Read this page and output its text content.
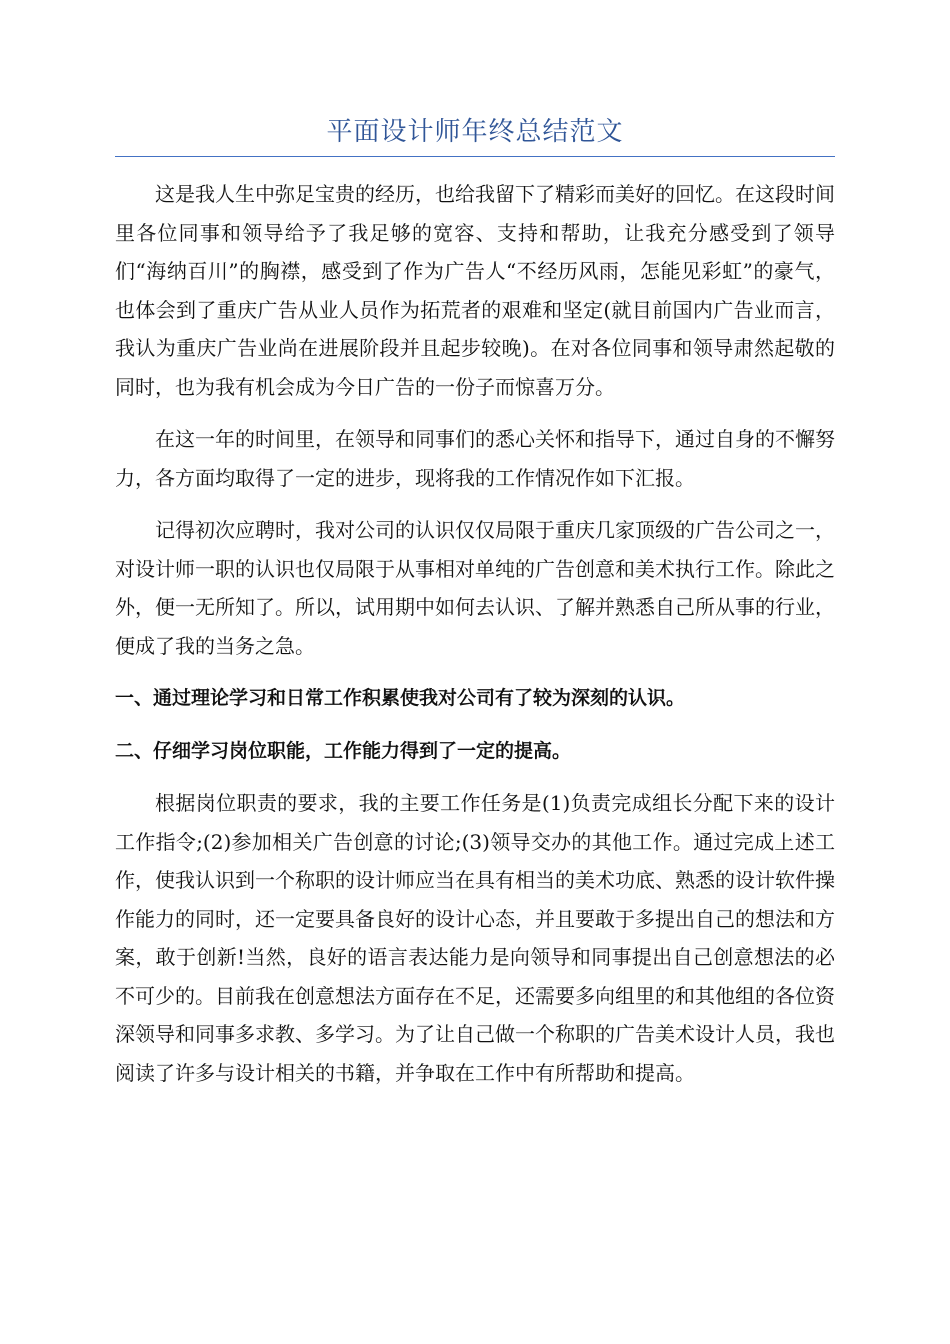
平面设计师年终总结范文

这是我人生中弥足宝贵的经历，也给我留下了精彩而美好的回忆。在这段时间里各位同事和领导给予了我足够的宽容、支持和帮助，让我充分感受到了领导们“海纳百川”的胸襟，感受到了作为广告人“不经历风雨，怎能见彩虹”的豪气，也体会到了重庆广告从业人员作为拓荒者的艰难和坚定(就目前国内广告业而言，我认为重庆广告业尚在进展阶段并且起步较晚)。在对各位同事和领导肃然起敬的同时，也为我有机会成为今日广告的一份子而惊喜万分。

在这一年的时间里，在领导和同事们的悉心关怀和指导下，通过自身的不懈努力，各方面均取得了一定的进步，现将我的工作情况作如下汇报。

记得初次应聘时，我对公司的认识仅仅局限于重庆几家顶级的广告公司之一，对设计师一职的认识也仅局限于从事相对单纯的广告创意和美术执行工作。除此之外，便一无所知了。所以，试用期中如何去认识、了解并熟悉自己所从事的行业，便成了我的当务之急。

一、通过理论学习和日常工作积累使我对公司有了较为深刻的认识。

二、仔细学习岗位职能，工作能力得到了一定的提高。

根据岗位职责的要求，我的主要工作任务是(1)负责完成组长分配下来的设计工作指令;(2)参加相关广告创意的讨论;(3)领导交办的其他工作。通过完成上述工作，使我认识到一个称职的设计师应当在具有相当的美术功底、熟悉的设计软件操作能力的同时，还一定要具备良好的设计心态，并且要敢于多提出自己的想法和方案，敢于创新!当然，良好的语言表达能力是向领导和同事提出自己创意想法的必不可少的。目前我在创意想法方面存在不足，还需要多向组里的和其他组的各位资深领导和同事多求教、多学习。为了让自己做一个称职的广告美术设计人员，我也阅读了许多与设计相关的书籍，并争取在工作中有所帮助和提高。
